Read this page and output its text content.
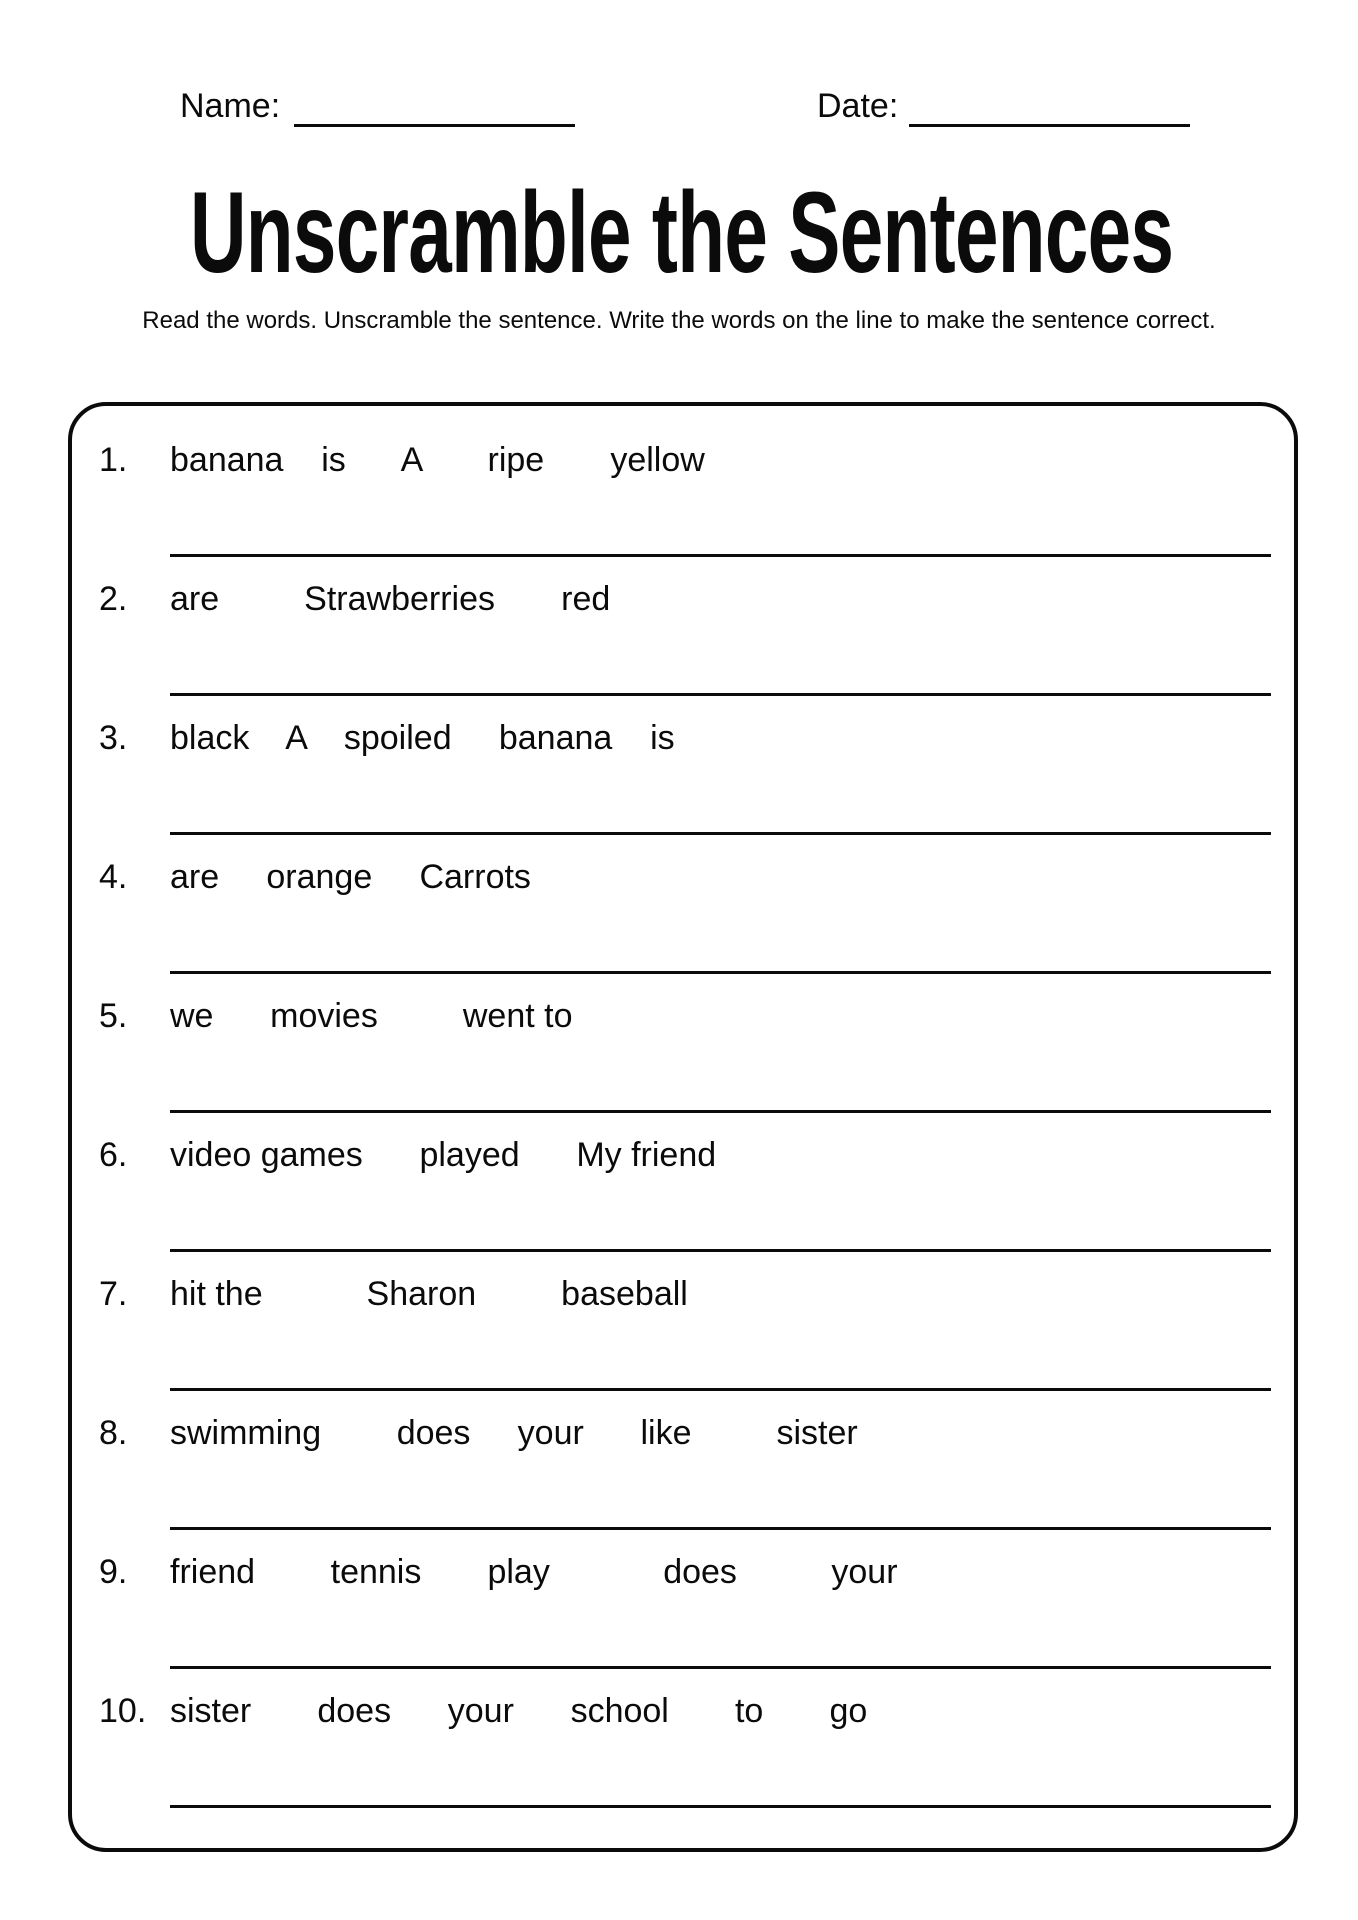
Name:	Date:
Unscramble the Sentences
Read the words. Unscramble the sentence. Write the words on the line to make the sentence correct.
1.	banana    is      A       ripe       yellow
2.	are         Strawberries       red
3.	black    A    spoiled     banana    is
4.	are     orange     Carrots
5.	we      movies         went to
6.	video games      played      My friend
7.	hit the           Sharon         baseball
8.	swimming        does     your      like         sister
9.	friend        tennis       play            does          your
10. sister       does      your      school       to       go
